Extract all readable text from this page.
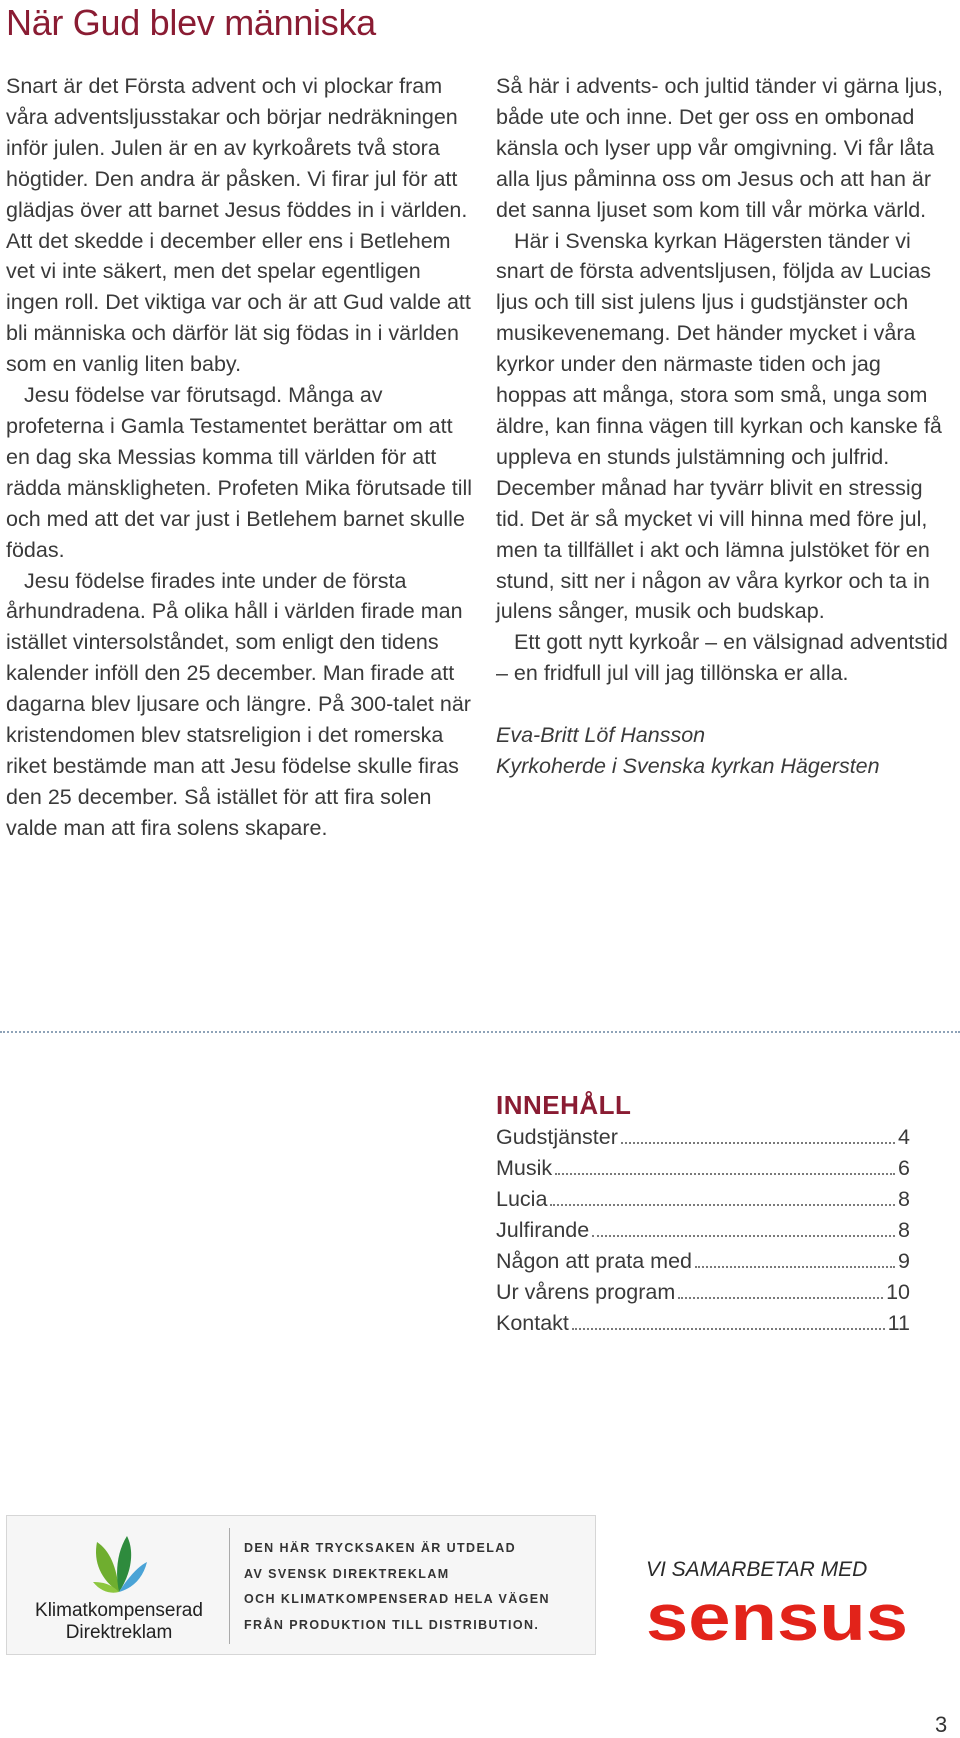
När Gud blev människa

Snart är det Första advent och vi plockar fram våra adventsljusstakar och börjar nedräkningen inför julen. Julen är en av kyrkoårets två stora högtider. Den andra är påsken. Vi firar jul för att glädjas över att barnet Jesus föddes in i världen. Att det skedde i december eller ens i Betlehem vet vi inte säkert, men det spelar egentligen ingen roll. Det viktiga var och är att Gud valde att bli människa och därför lät sig födas in i världen som en vanlig liten baby.

Jesu födelse var förutsagd. Många av profeterna i Gamla Testamentet berättar om att en dag ska Messias komma till världen för att rädda mänskligheten. Profeten Mika förutsade till och med att det var just i Betlehem barnet skulle födas.

Jesu födelse firades inte under de första århundradena. På olika håll i världen firade man istället vintersolståndet, som enligt den tidens kalender inföll den 25 december. Man firade att dagarna blev ljusare och längre. På 300-talet när kristendomen blev statsreligion i det romerska riket bestämde man att Jesu födelse skulle firas den 25 december. Så istället för att fira solen valde man att fira solens skapare.

Så här i advents- och jultid tänder vi gärna ljus, både ute och inne. Det ger oss en ombonad känsla och lyser upp vår omgivning. Vi får låta alla ljus påminna oss om Jesus och att han är det sanna ljuset som kom till vår mörka värld.

Här i Svenska kyrkan Hägersten tänder vi snart de första adventsljusen, följda av Lucias ljus och till sist julens ljus i gudstjänster och musikevenemang. Det händer mycket i våra kyrkor under den närmaste tiden och jag hoppas att många, stora som små, unga som äldre, kan finna vägen till kyrkan och kanske få uppleva en stunds julstämning och julfrid. December månad har tyvärr blivit en stressig tid. Det är så mycket vi vill hinna med före jul, men ta tillfället i akt och lämna julstöket för en stund, sitt ner i någon av våra kyrkor och ta in julens sånger, musik och budskap.

Ett gott nytt kyrkoår – en välsignad adventstid – en fridfull jul vill jag tillönska er alla.

Eva-Britt Löf Hansson
Kyrkoherde i Svenska kyrkan Hägersten

INNEHÅLL
Gudstjänster	4
Musik	6
Lucia	8
Julfirande	8
Någon att prata med	9
Ur vårens program	10
Kontakt	11
Klimatkompenserad
Direktreklam
DEN HÄR TRYCKSAKEN ÄR UTDELAD
AV SVENSK DIREKTREKLAM
OCH KLIMATKOMPENSERAD HELA VÄGEN
FRÅN PRODUKTION TILL DISTRIBUTION.

VI SAMARBETAR MED

sensus
3
